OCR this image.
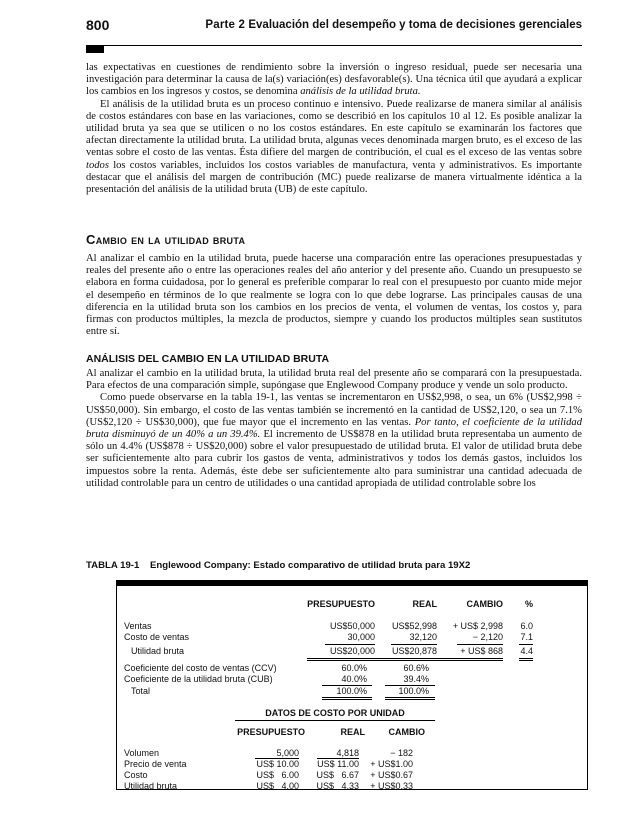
800	Parte 2 Evaluación del desempeño y toma de decisiones gerenciales

las expectativas en cuestiones de rendimiento sobre la inversión o ingreso residual, puede ser necesaria una investigación para determinar la causa de la(s) variación(es) desfavorable(s). Una técnica útil que ayudará a explicar los cambios en los ingresos y costos, se denomina análisis de la utilidad bruta.

El análisis de la utilidad bruta es un proceso continuo e intensivo. Puede realizarse de manera similar al análisis de costos estándares con base en las variaciones, como se describió en los capítulos 10 al 12. Es posible analizar la utilidad bruta ya sea que se utilicen o no los costos estándares. En este capítulo se examinarán los factores que afectan directamente la utilidad bruta. La utilidad bruta, algunas veces denominada margen bruto, es el exceso de las ventas sobre el costo de las ventas. Ésta difiere del margen de contribución, el cual es el exceso de las ventas sobre todos los costos variables, incluidos los costos variables de manufactura, venta y administrativos. Es importante destacar que el análisis del margen de contribución (MC) puede realizarse de manera virtualmente idéntica a la presentación del análisis de la utilidad bruta (UB) de este capítulo.

Cambio en la utilidad bruta

Al analizar el cambio en la utilidad bruta, puede hacerse una comparación entre las operaciones presupuestadas y reales del presente año o entre las operaciones reales del año anterior y del presente año. Cuando un presupuesto se elabora en forma cuidadosa, por lo general es preferible comparar lo real con el presupuesto por cuanto mide mejor el desempeño en términos de lo que realmente se logra con lo que debe lograrse. Las principales causas de una diferencia en la utilidad bruta son los cambios en los precios de venta, el volumen de ventas, los costos y, para firmas con productos múltiples, la mezcla de productos, siempre y cuando los productos múltiples sean sustitutos entre sí.

ANÁLISIS DEL CAMBIO EN LA UTILIDAD BRUTA

Al analizar el cambio en la utilidad bruta, la utilidad bruta real del presente año se comparará con la presupuestada. Para efectos de una comparación simple, supóngase que Englewood Company produce y vende un solo producto.

Como puede observarse en la tabla 19-1, las ventas se incrementaron en US$2,998, o sea, un 6% (US$2,998 ÷ US$50,000). Sin embargo, el costo de las ventas también se incrementó en la cantidad de US$2,120, o sea un 7.1% (US$2,120 ÷ US$30,000), que fue mayor que el incremento en las ventas. Por tanto, el coeficiente de la utilidad bruta disminuyó de un 40% a un 39.4%. El incremento de US$878 en la utilidad bruta representaba un aumento de sólo un 4.4% (US$878 ÷ US$20,000) sobre el valor presupuestado de utilidad bruta. El valor de utilidad bruta debe ser suficientemente alto para cubrir los gastos de venta, administrativos y todos los demás gastos, incluidos los impuestos sobre la renta. Además, éste debe ser suficientemente alto para suministrar una cantidad adecuada de utilidad controlable para un centro de utilidades o una cantidad apropiada de utilidad controlable sobre los

TABLA 19-1 Englewood Company: Estado comparativo de utilidad bruta para 19X2
PRESUPUESTO	REAL	CAMBIO	%
Ventas	US$50,000	US$52,998	+ US$ 2,998	6.0
Costo de ventas	30,000	32,120	− 2,120	7.1
Utilidad bruta	US$20,000	US$20,878	+ US$ 868	4.4
Coeficiente del costo de ventas (CCV)	60.0%	60.6%
Coeficiente de la utilidad bruta (CUB)	40.0%	39.4%
Total	100.0%	100.0%
DATOS DE COSTO POR UNIDAD
PRESUPUESTO	REAL	CAMBIO
Volumen	5,000	4,818	− 182
Precio de venta	US$ 10.00	US$ 11.00	+ US$1.00
Costo	US$   6.00	US$   6.67	+ US$0.67
Utilidad bruta	US$   4.00	US$   4.33	+ US$0.33
